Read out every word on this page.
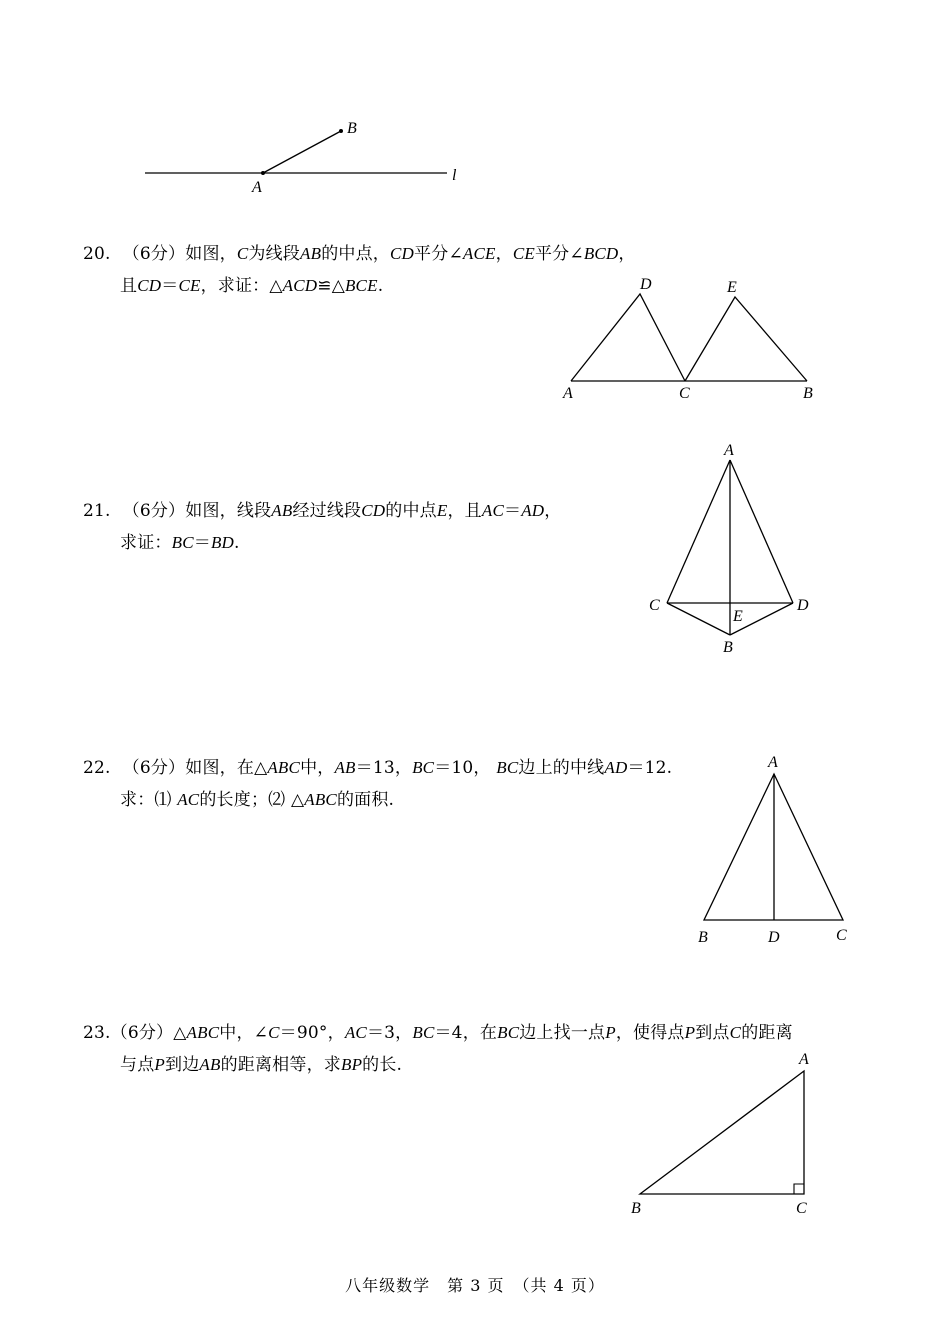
A
B
l
20. （6分）如图，C为线段AB的中点，CD平分∠ACE，CE平分∠BCD，
且CD＝CE，求证：△ACD≌△BCE.
A	C	B
D	E
21. （6分）如图，线段AB经过线段CD的中点E，且AC＝AD，
求证：BC＝BD.
A
C	D
E
B
22. （6分）如图，在△ABC中，AB＝13，BC＝10， BC边上的中线AD＝12.
求：⑴ AC的长度；⑵ △ABC的面积.
A
B	D	C
23.（6分）△ABC中，∠C＝90°，AC＝3，BC＝4，在BC边上找一点P，使得点P到点C的距离
与点P到边AB的距离相等，求BP的长.	A
B	C
八年级数学　第 3 页　（共 4 页）
